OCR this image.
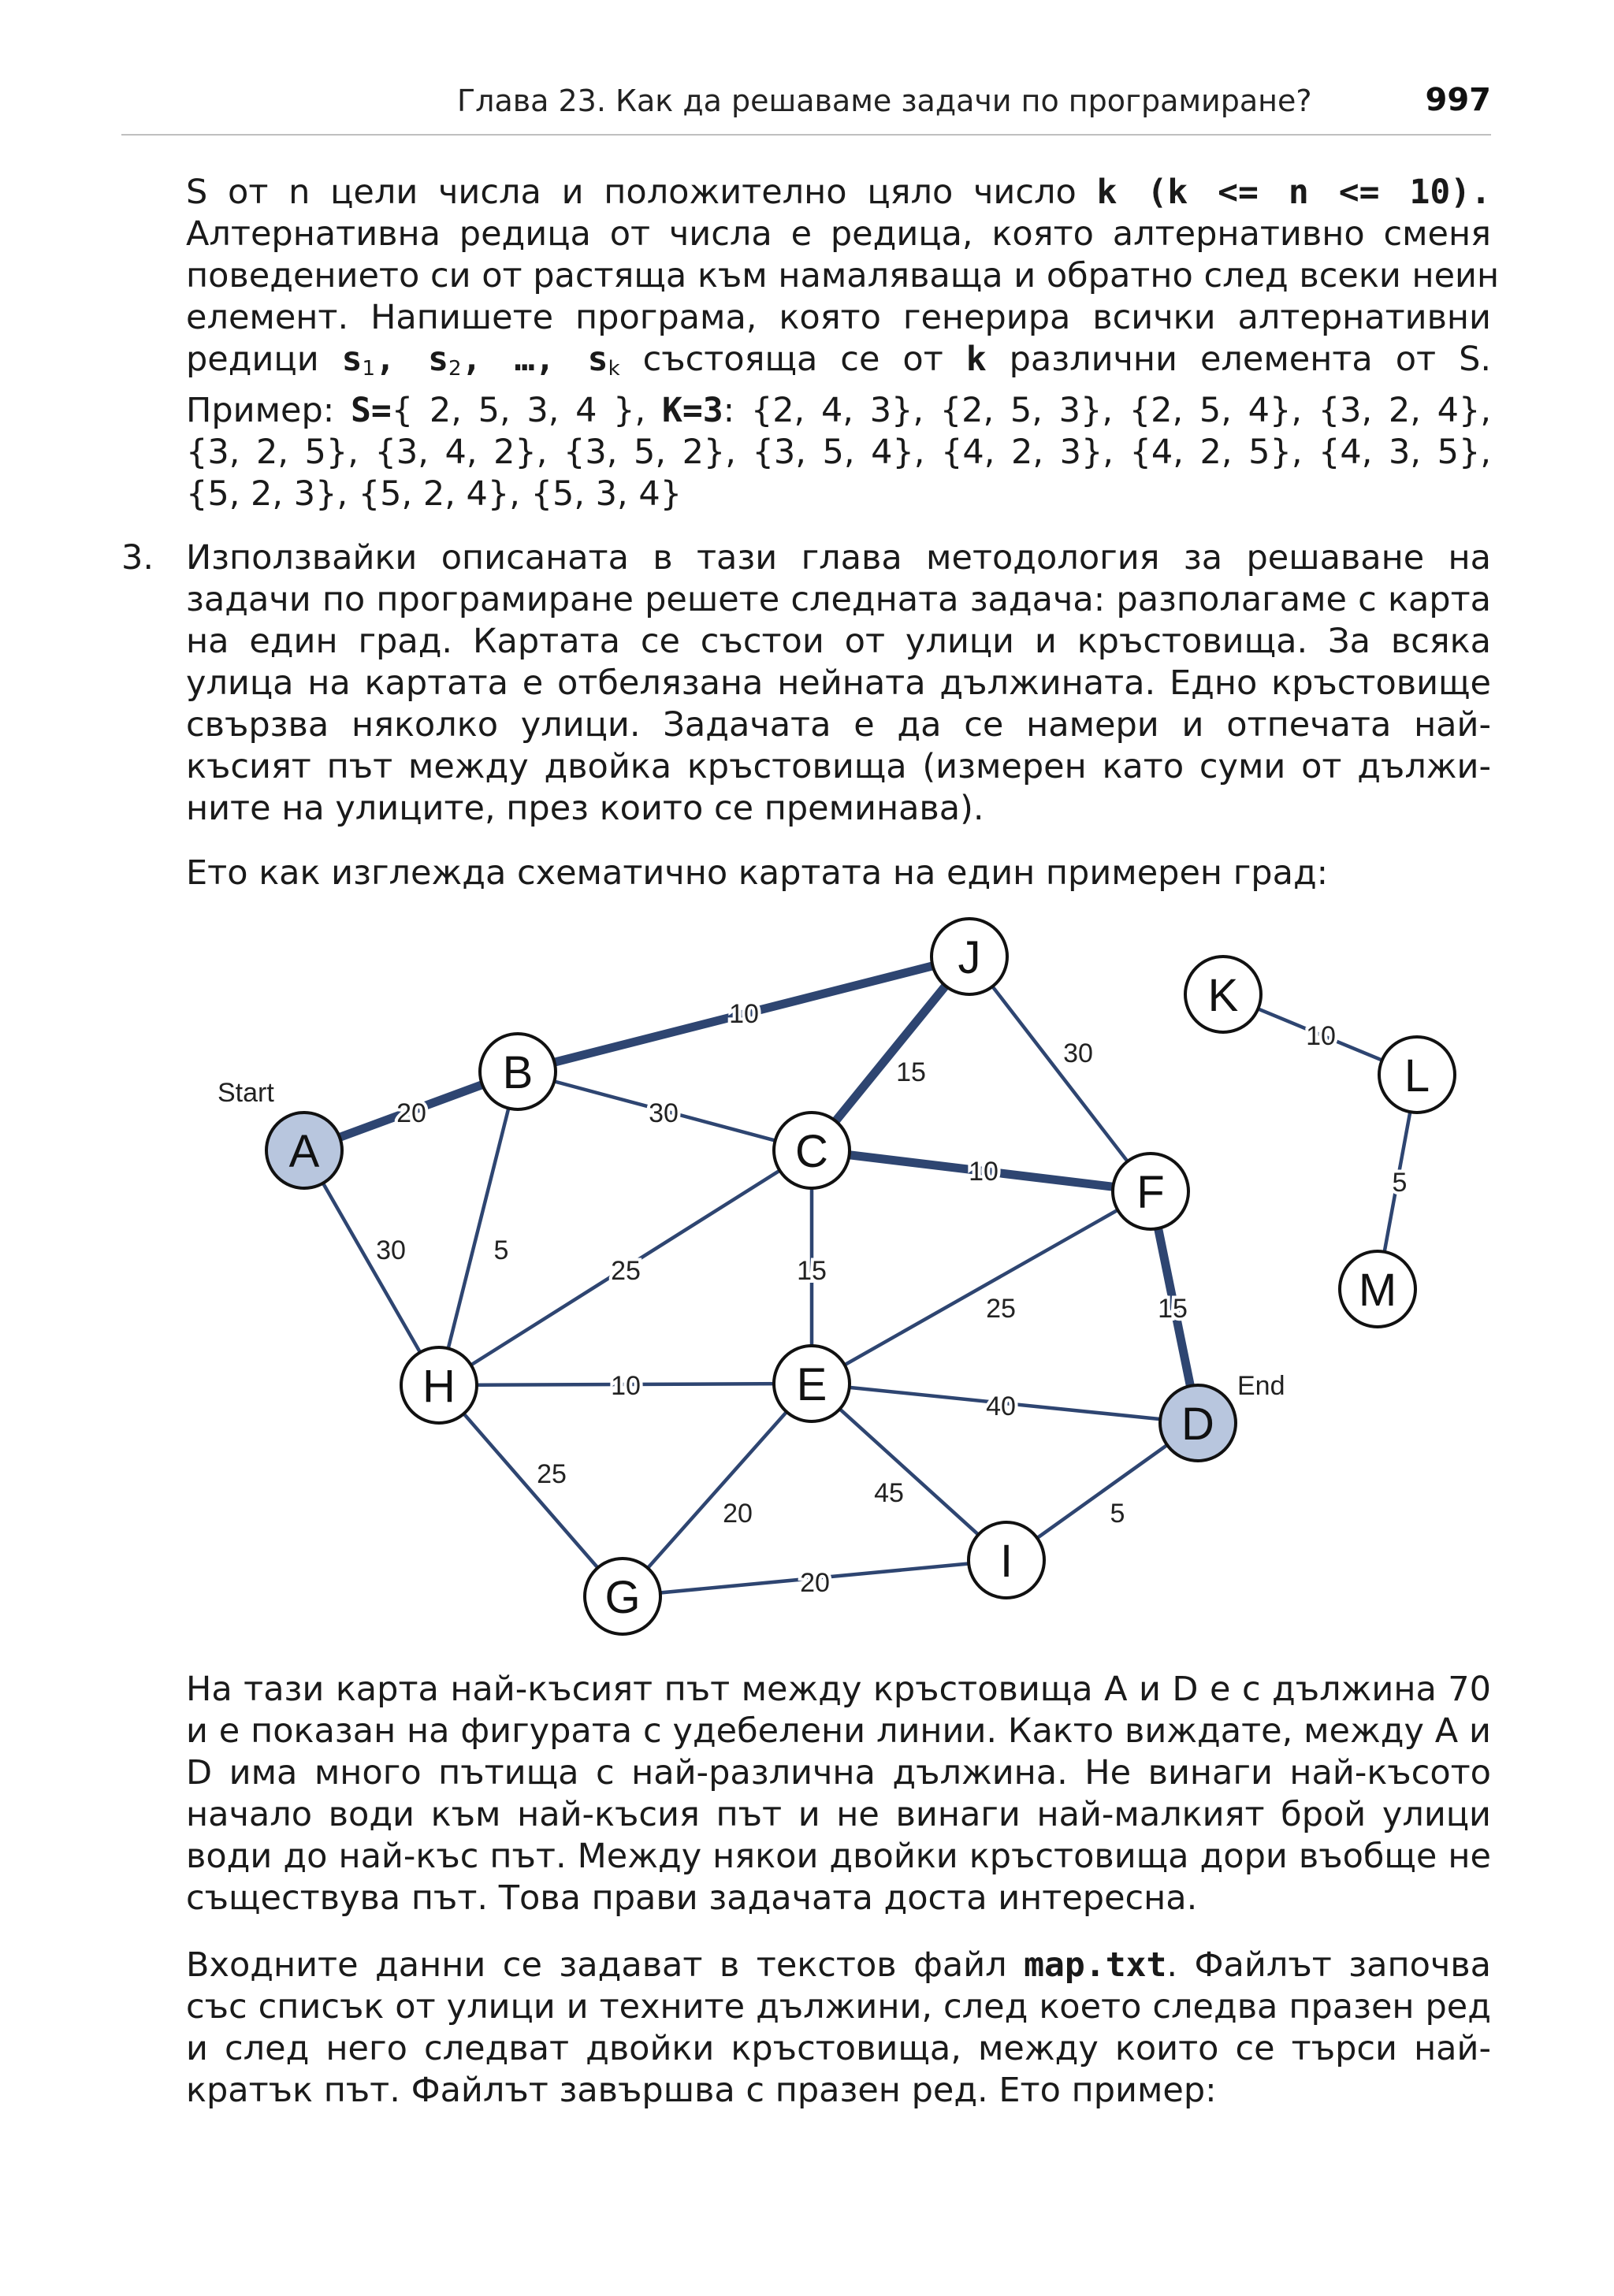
Глава 23. Как да решаваме задачи по програмиране?	997
S от n цели числа и положително цяло число k (k <= n <= 10).
Алтернативна редица от числа е редица, която алтернативно сменя
поведението си от растяща към намаляваща и обратно след всеки неин
елемент. Напишете програма, която генерира всички алтернативни
редици $s_1$, $s_2$, …, $s_k$ състояща се от k различни елемента от S.
Пример: S={ 2, 5, 3, 4 }, K=3: {2, 4, 3}, {2, 5, 3}, {2, 5, 4}, {3, 2, 4},
{3, 2, 5}, {3, 4, 2}, {3, 5, 2}, {3, 5, 4}, {4, 2, 3}, {4, 2, 5}, {4, 3, 5},
{5, 2, 3}, {5, 2, 4}, {5, 3, 4}
3. Използвайки описаната в тази глава методология за решаване на
задачи по програмиране решете следната задача: разполагаме с карта
на един град. Картата се състои от улици и кръстовища. За всяка
улица на картата е отбелязана нейната дължината. Едно кръстовище
свързва няколко улици. Задачата е да се намери и отпечата най-
късият път между двойка кръстовища (измерен като суми от дължи-
ните на улиците, през които се преминава).
Ето как изглежда схематично картата на един примерен град:
20
10
15
10
15
30
30
30	5
25	15
10
25
40
25
20
45
20
5
10
5
A
B
C
D
E
F
G
H
I
J
K
L
M
Start
End
На тази карта най-късият път между кръстовища A и D е с дължина 70
и е показан на фигурата с удебелени линии. Както виждате, между A и
D има много пътища с най-различна дължина. Не винаги най-късото
начало води към най-късия път и не винаги най-малкият брой улици
води до най-къс път. Между някои двойки кръстовища дори въобще не
съществува път. Това прави задачата доста интересна.
Входните данни се задават в текстов файл map.txt. Файлът започва
със списък от улици и техните дължини, след което следва празен ред
и след него следват двойки кръстовища, между които се търси най-
кратък път. Файлът завършва с празен ред. Ето пример:
